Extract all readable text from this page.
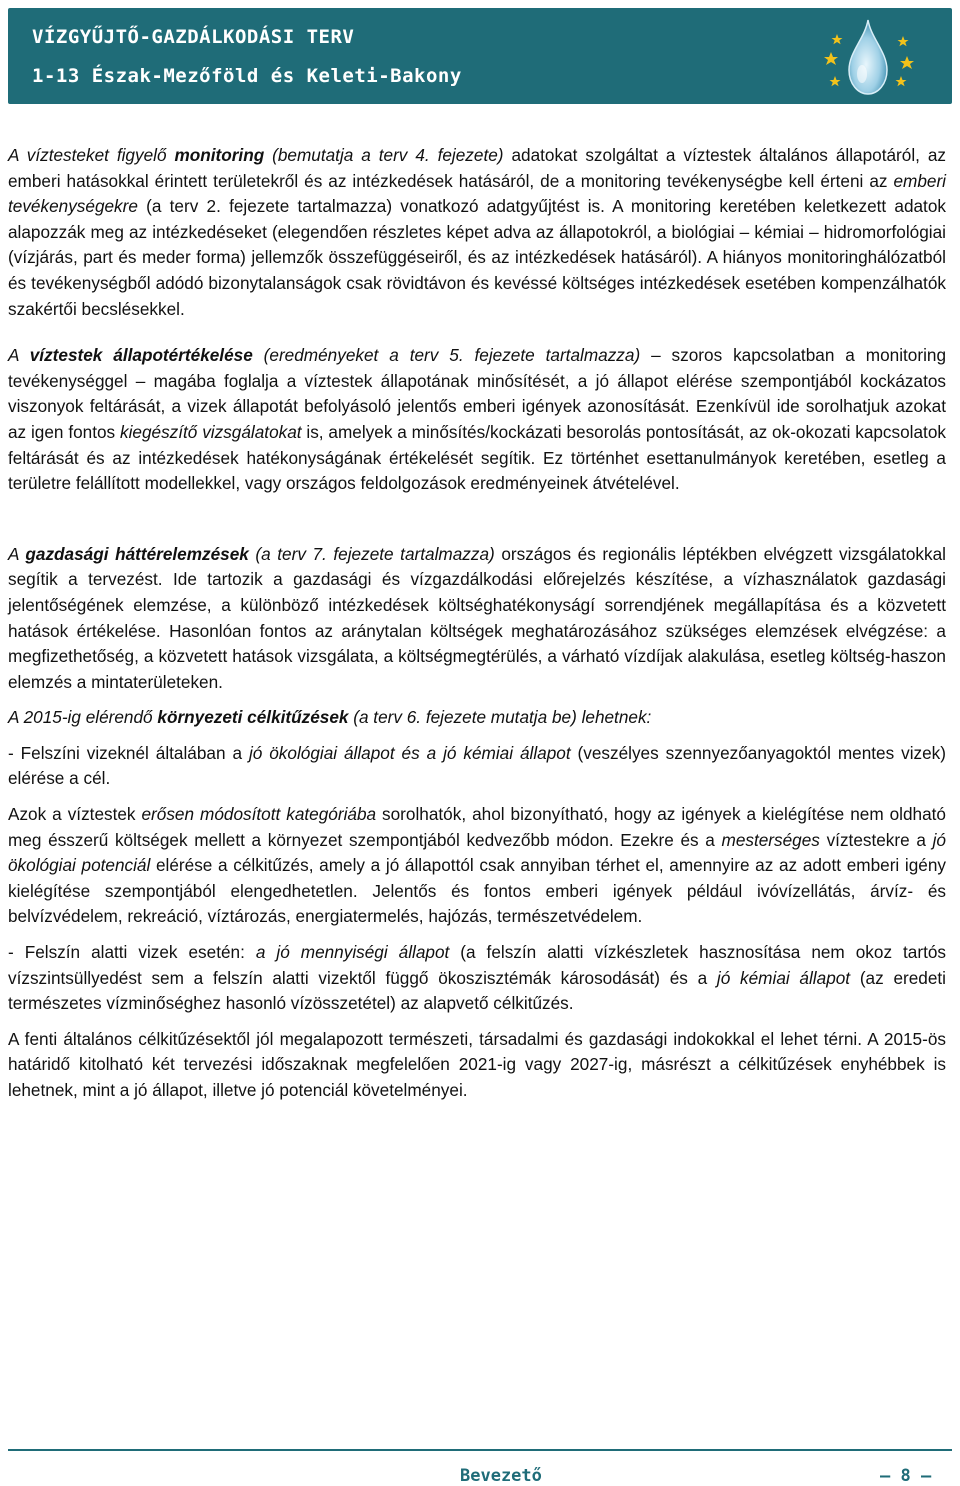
VÍZGYŰJTŐ-GAZDÁLKODÁSI TERV
1-13 Észak-Mezőföld és Keleti-Bakony

A víztesteket figyelő monitoring (bemutatja a terv 4. fejezete) adatokat szolgáltat a víztestek általános állapotáról, az emberi hatásokkal érintett területekről és az intézkedések hatásáról, de a monitoring tevékenységbe kell érteni az emberi tevékenységekre (a terv 2. fejezete tartalmazza) vonatkozó adatgyűjtést is. A monitoring keretében keletkezett adatok alapozzák meg az intézkedéseket (elegendően részletes képet adva az állapotokról, a biológiai – kémiai – hidromorfológiai (vízjárás, part és meder forma) jellemzők összefüggéseiről, és az intézkedések hatásáról). A hiányos monitoringhálózatból és tevékenységből adódó bizonytalanságok csak rövidtávon és kevéssé költséges intézkedések esetében kompenzálhatók szakértői becslésekkel.

A víztestek állapotértékelése (eredményeket a terv 5. fejezete tartalmazza) – szoros kapcsolatban a monitoring tevékenységgel – magába foglalja a víztestek állapotának minősítését, a jó állapot elérése szempontjából kockázatos viszonyok feltárását, a vizek állapotát befolyásoló jelentős emberi igények azonosítását. Ezenkívül ide sorolhatjuk azokat az igen fontos kiegészítő vizsgálatokat is, amelyek a minősítés/kockázati besorolás pontosítását, az ok-okozati kapcsolatok feltárását és az intézkedések hatékonyságának értékelését segítik. Ez történhet esettanulmányok keretében, esetleg a területre felállított modellekkel, vagy országos feldolgozások eredményeinek átvételével.

A gazdasági háttérelemzések (a terv 7. fejezete tartalmazza) országos és regionális léptékben elvégzett vizsgálatokkal segítik a tervezést. Ide tartozik a gazdasági és vízgazdálkodási előrejelzés készítése, a vízhasználatok gazdasági jelentőségének elemzése, a különböző intézkedések költséghatékonyságí sorrendjének megállapítása és a közvetett hatások értékelése. Hasonlóan fontos az aránytalan költségek meghatározásához szükséges elemzések elvégzése: a megfizethetőség, a közvetett hatások vizsgálata, a költségmegtérülés, a várható vízdíjak alakulása, esetleg költség-haszon elemzés a mintaterületeken.

A 2015-ig elérendő környezeti célkitűzések (a terv 6. fejezete mutatja be) lehetnek:

- Felszíni vizeknél általában a jó ökológiai állapot és a jó kémiai állapot (veszélyes szennyezőanyagoktól mentes vizek) elérése a cél.

Azok a víztestek erősen módosított kategóriába sorolhatók, ahol bizonyítható, hogy az igények a kielégítése nem oldható meg ésszerű költségek mellett a környezet szempontjából kedvezőbb módon. Ezekre és a mesterséges víztestekre a jó ökológiai potenciál elérése a célkitűzés, amely a jó állapottól csak annyiban térhet el, amennyire az az adott emberi igény kielégítése szempontjából elengedhetetlen. Jelentős és fontos emberi igények például ivóvízellátás, árvíz- és belvízvédelem, rekreáció, víztározás, energiatermelés, hajózás, természetvédelem.

- Felszín alatti vizek esetén: a jó mennyiségi állapot (a felszín alatti vízkészletek hasznosítása nem okoz tartós vízszintsüllyedést sem a felszín alatti vizektől függő ökoszisztémák károsodását) és a jó kémiai állapot (az eredeti természetes vízminőséghez hasonló vízösszetétel) az alapvető célkitűzés.

A fenti általános célkitűzésektől jól megalapozott természeti, társadalmi és gazdasági indokokkal el lehet térni. A 2015-ös határidő kitolható két tervezési időszaknak megfelelően 2021-ig vagy 2027-ig, másrészt a célkitűzések enyhébbek is lehetnek, mint a jó állapot, illetve jó potenciál követelményei.

Bevezető	– 8 –
